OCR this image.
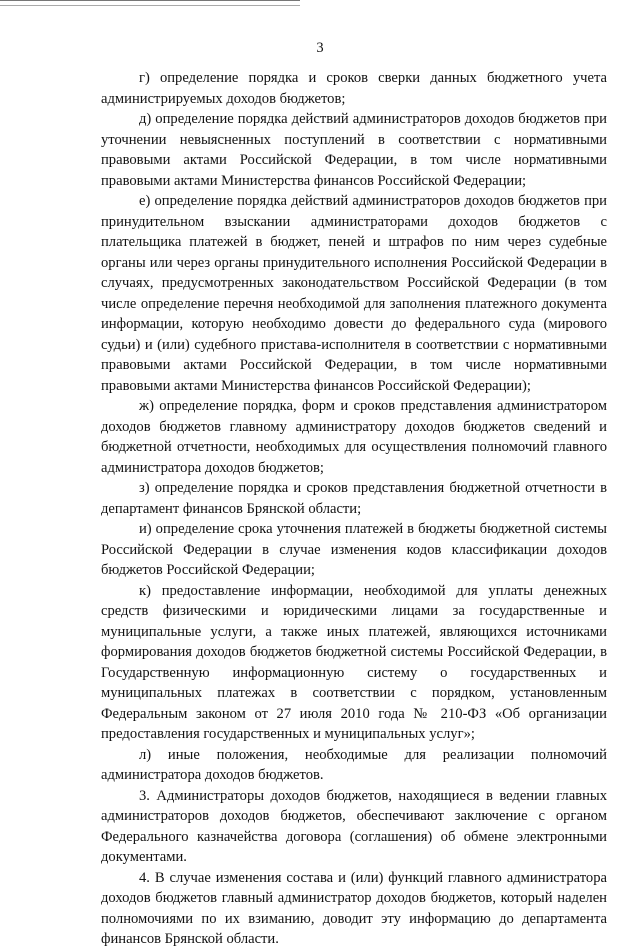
3

г) определение порядка и сроков сверки данных бюджетного учета администрируемых доходов бюджетов;

д) определение порядка действий администраторов доходов бюджетов при уточнении невыясненных поступлений в соответствии с нормативными правовыми актами Российской Федерации, в том числе нормативными правовыми актами Министерства финансов Российской Федерации;

е) определение порядка действий администраторов доходов бюджетов при принудительном взыскании администраторами доходов бюджетов с плательщика платежей в бюджет, пеней и штрафов по ним через судебные органы или через органы принудительного исполнения Российской Федерации в случаях, предусмотренных законодательством Российской Федерации (в том числе определение перечня необходимой для заполнения платежного документа информации, которую необходимо довести до федерального суда (мирового судьи) и (или) судебного пристава-исполнителя в соответствии с нормативными правовыми актами Российской Федерации, в том числе нормативными правовыми актами Министерства финансов Российской Федерации);

ж) определение порядка, форм и сроков представления администратором доходов бюджетов главному администратору доходов бюджетов сведений и бюджетной отчетности, необходимых для осуществления полномочий главного администратора доходов бюджетов;

з) определение порядка и сроков представления бюджетной отчетности в департамент финансов Брянской области;

и) определение срока уточнения платежей в бюджеты бюджетной системы Российской Федерации в случае изменения кодов классификации доходов бюджетов Российской Федерации;

к) предоставление информации, необходимой для уплаты денежных средств физическими и юридическими лицами за государственные и муниципальные услуги, а также иных платежей, являющихся источниками формирования доходов бюджетов бюджетной системы Российской Федерации, в Государственную информационную систему о государственных и муниципальных платежах в соответствии с порядком, установленным Федеральным законом от 27 июля 2010 года № 210-ФЗ «Об организации предоставления государственных и муниципальных услуг»;

л) иные положения, необходимые для реализации полномочий администратора доходов бюджетов.

3. Администраторы доходов бюджетов, находящиеся в ведении главных администраторов доходов бюджетов, обеспечивают заключение с органом Федерального казначейства договора (соглашения) об обмене электронными документами.

4. В случае изменения состава и (или) функций главного администратора доходов бюджетов главный администратор доходов бюджетов, который наделен полномочиями по их взиманию, доводит эту информацию до департамента финансов Брянской области.
